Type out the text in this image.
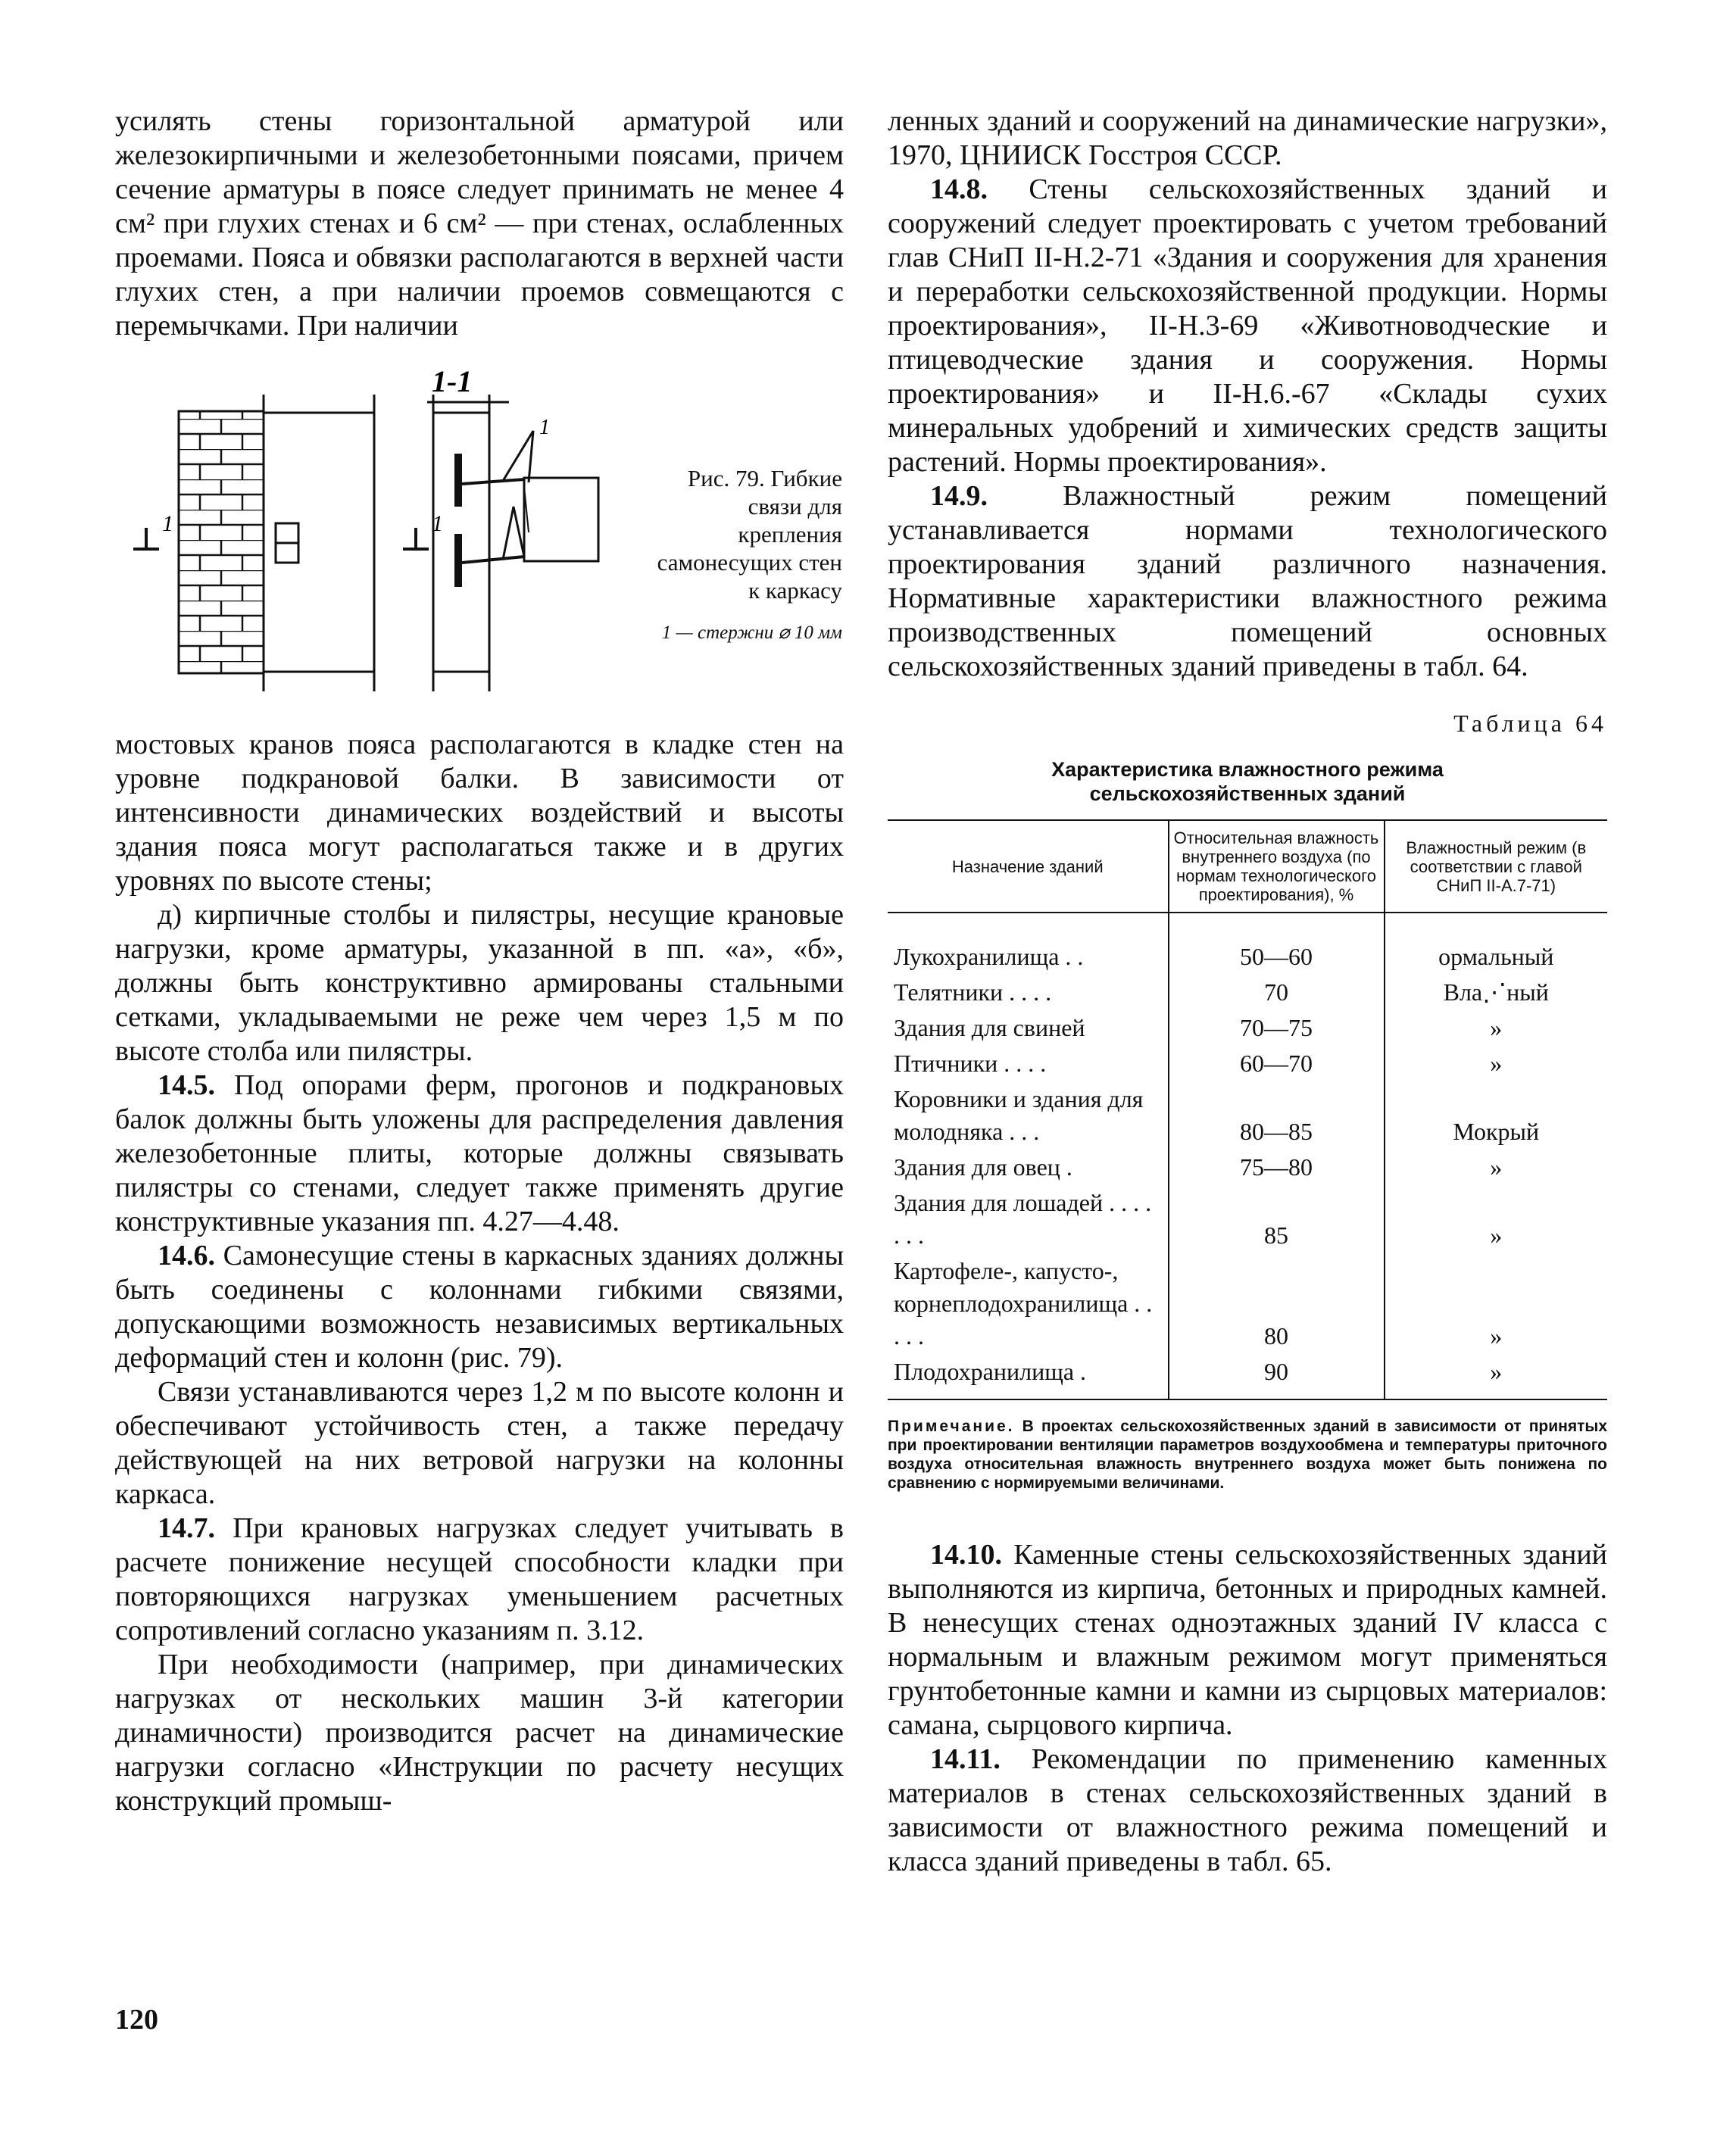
усилять стены горизонтальной арматурой или железокирпичными и железобетонными поясами, причем сечение арматуры в поясе следует принимать не менее 4 см² при глухих стенах и 6 см² — при стенах, ослабленных проемами. Пояса и обвязки располагаются в верхней части глухих стен, а при наличии проемов совмещаются с перемычками. При наличии

1	1
1-1
1
Рис. 79. Гибкие связи для крепления самонесущих стен к каркасу
1 — стержни ⌀ 10 мм

мостовых кранов пояса располагаются в кладке стен на уровне подкрановой балки. В зависимости от интенсивности динамических воздействий и высоты здания пояса могут располагаться также и в других уровнях по высоте стены;

д) кирпичные столбы и пилястры, несущие крановые нагрузки, кроме арматуры, указанной в пп. «а», «б», должны быть конструктивно армированы стальными сетками, укладываемыми не реже чем через 1,5 м по высоте столба или пилястры.

14.5. Под опорами ферм, прогонов и подкрановых балок должны быть уложены для распределения давления железобетонные плиты, которые должны связывать пилястры со стенами, следует также применять другие конструктивные указания пп. 4.27—4.48.

14.6. Самонесущие стены в каркасных зданиях должны быть соединены с колоннами гибкими связями, допускающими возможность независимых вертикальных деформаций стен и колонн (рис. 79).

Связи устанавливаются через 1,2 м по высоте колонн и обеспечивают устойчивость стен, а также передачу действующей на них ветровой нагрузки на колонны каркаса.

14.7. При крановых нагрузках следует учитывать в расчете понижение несущей способности кладки при повторяющихся нагрузках уменьшением расчетных сопротивлений согласно указаниям п. 3.12.

При необходимости (например, при динамических нагрузках от нескольких машин 3-й категории динамичности) производится расчет на динамические нагрузки согласно «Инструкции по расчету несущих конструкций промыш-

ленных зданий и сооружений на динамические нагрузки», 1970, ЦНИИСК Госстроя СССР.

14.8. Стены сельскохозяйственных зданий и сооружений следует проектировать с учетом требований глав СНиП II-Н.2-71 «Здания и сооружения для хранения и переработки сельскохозяйственной продукции. Нормы проектирования», II-Н.3-69 «Животноводческие и птицеводческие здания и сооружения. Нормы проектирования» и II-Н.6.-67 «Склады сухих минеральных удобрений и химических средств защиты растений. Нормы проектирования».

14.9. Влажностный режим помещений устанавливается нормами технологического проектирования зданий различного назначения. Нормативные характеристики влажностного режима производственных помещений основных сельскохозяйственных зданий приведены в табл. 64.

Таблица 64
Характеристика влажностного режима
сельскохозяйственных зданий
Назначение зданий	Относительная влажность внутреннего воздуха (по нормам технологического проектирования), %	Влажностный режим (в соответствии с главой СНиП II-А.7-71)
Лукохранилища . .	50—60	ормальный
Телятники . . . .	70	Вла⋰ный
Здания для свиней	70—75	»
Птичники . . . .	60—70	»
Коровники и здания для молодняка . . .	80—85	Мокрый
Здания для овец .	75—80	»
Здания для лошадей . . . . . . .	85	»
Картофеле-, капусто-, корнеплодохранилища . . . . .	80	»
Плодохранилища .	90	»
Примечание. В проектах сельскохозяйственных зданий в зависимости от принятых при проектировании вентиляции параметров воздухообмена и температуры приточного воздуха относительная влажность внутреннего воздуха может быть понижена по сравнению с нормируемыми величинами.

14.10. Каменные стены сельскохозяйственных зданий выполняются из кирпича, бетонных и природных камней. В ненесущих стенах одноэтажных зданий IV класса с нормальным и влажным режимом могут применяться грунтобетонные камни и камни из сырцовых материалов: самана, сырцового кирпича.

14.11. Рекомендации по применению каменных материалов в стенах сельскохозяйственных зданий в зависимости от влажностного режима помещений и класса зданий приведены в табл. 65.

120
